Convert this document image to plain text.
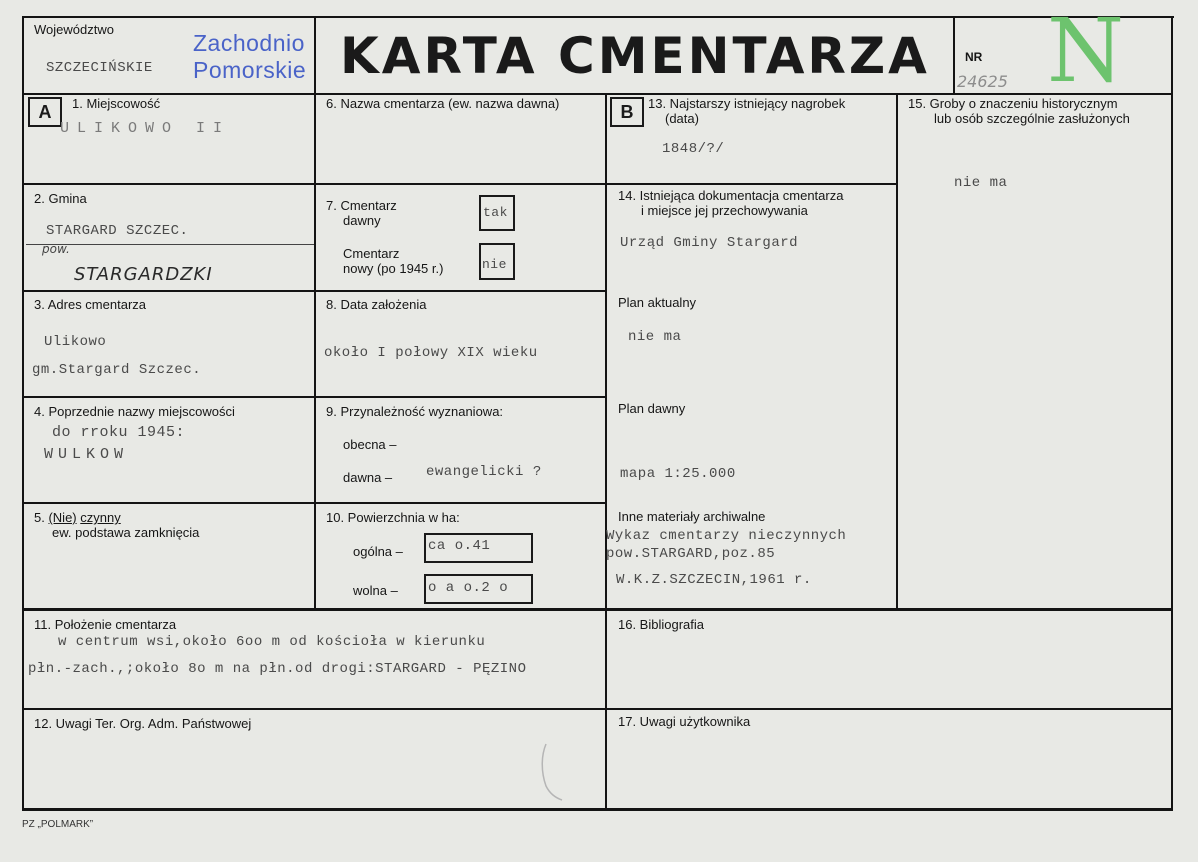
Województwo
SZCZECIŃSKIE
Zachodnio
Pomorskie KARTA CMENTARZA	NR
24625 N
A	1. Miejscowość
ULIKOWO II
2. Gmina
STARGARD SZCZEC.
pow.
STARGARDZKI
3. Adres cmentarza
Ulikowo
gm.Stargard Szczec.
4. Poprzednie nazwy miejscowości
do rroku 1945:
WULKOW
5. (Nie) czynny
ew. podstawa zamknięcia
6. Nazwa cmentarza (ew. nazwa dawna)
7. Cmentarz
dawny
tak
Cmentarz
nowy (po 1945 r.)	nie
8. Data założenia
około I połowy XIX wieku
9. Przynależność wyznaniowa:
obecna –
dawna – ewangelicki ?
10. Powierzchnia w ha:
ogólna – ca o.41
wolna – o a o.2 o
B	13. Najstarszy istniejący nagrobek
(data)
1848/?/
14. Istniejąca dokumentacja cmentarza
i miejsce jej przechowywania
Urząd Gminy Stargard
Plan aktualny
nie ma
Plan dawny
mapa 1:25.000
Inne materiały archiwalne
Wykaz cmentarzy nieczynnych
pow.STARGARD,poz.85
W.K.Z.SZCZECIN,1961 r.
15. Groby o znaczeniu historycznym
lub osób szczególnie zasłużonych
nie ma
11. Położenie cmentarza
w centrum wsi,około 6oo m od kościoła w kierunku
płn.-zach.,;około 8o m na płn.od drogi:STARGARD - PĘZINO
16. Bibliografia
12. Uwagi Ter. Org. Adm. Państwowej	17. Uwagi użytkownika
PZ „POLMARK”
